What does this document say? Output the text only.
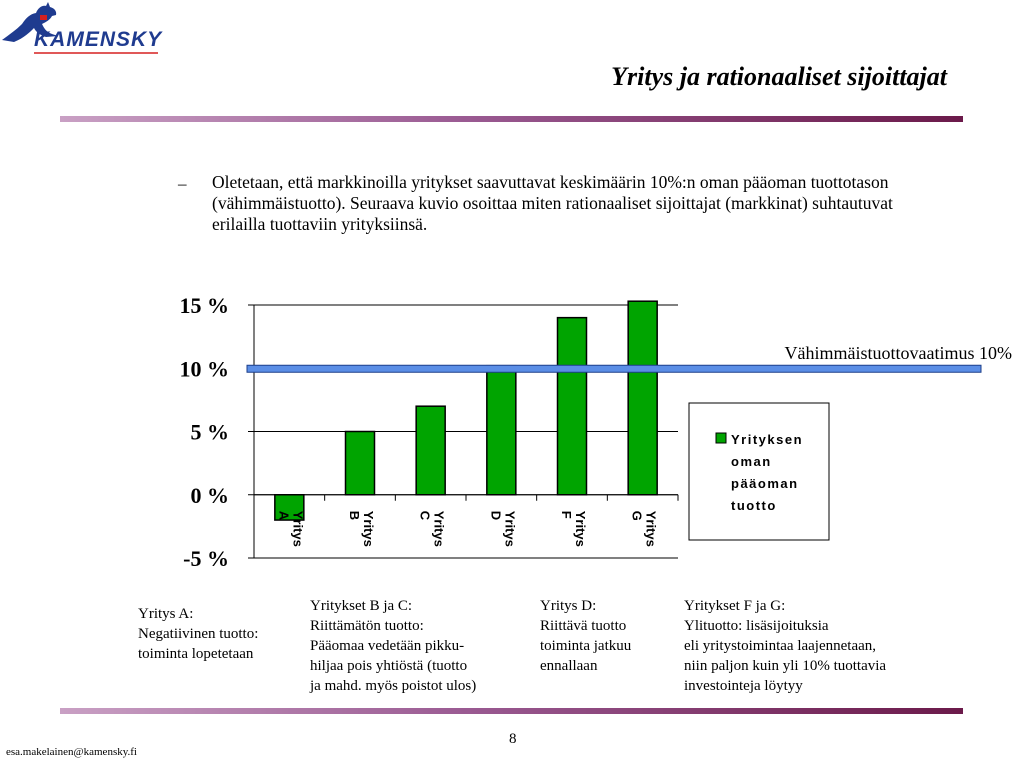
KAMENSKY
Yritys ja rationaaliset sijoittajat
– Oletetaan, että markkinoilla yritykset saavuttavat keskimäärin 10%:n oman pääoman tuottotason (vähimmäistuotto). Seuraava kuvio osoittaa miten rationaaliset sijoittajat (markkinat) suhtautuvat erilailla tuottaviin yrityksiinsä.
15 %
10 %
5 %
0 %
-5 %
Yritys
A	Yritys
B	Yritys
C	Yritys
D	Yritys
F	Yritys
G
Vähimmäistuottovaatimus 10%
Yrityksen
oman
pääoman
tuotto
Yritys A:
Negatiivinen tuotto:
toiminta lopetetaan
Yritykset B ja C:
Riittämätön tuotto:
Pääomaa vedetään pikku-
hiljaa pois yhtiöstä (tuotto
ja mahd. myös poistot ulos)
Yritys D:
Riittävä tuotto
toiminta jatkuu
ennallaan
Yritykset F ja G:
Ylituotto: lisäsijoituksia
eli yritystoimintaa laajennetaan,
niin paljon kuin yli 10% tuottavia
investointeja löytyy
8
esa.makelainen@kamensky.fi
